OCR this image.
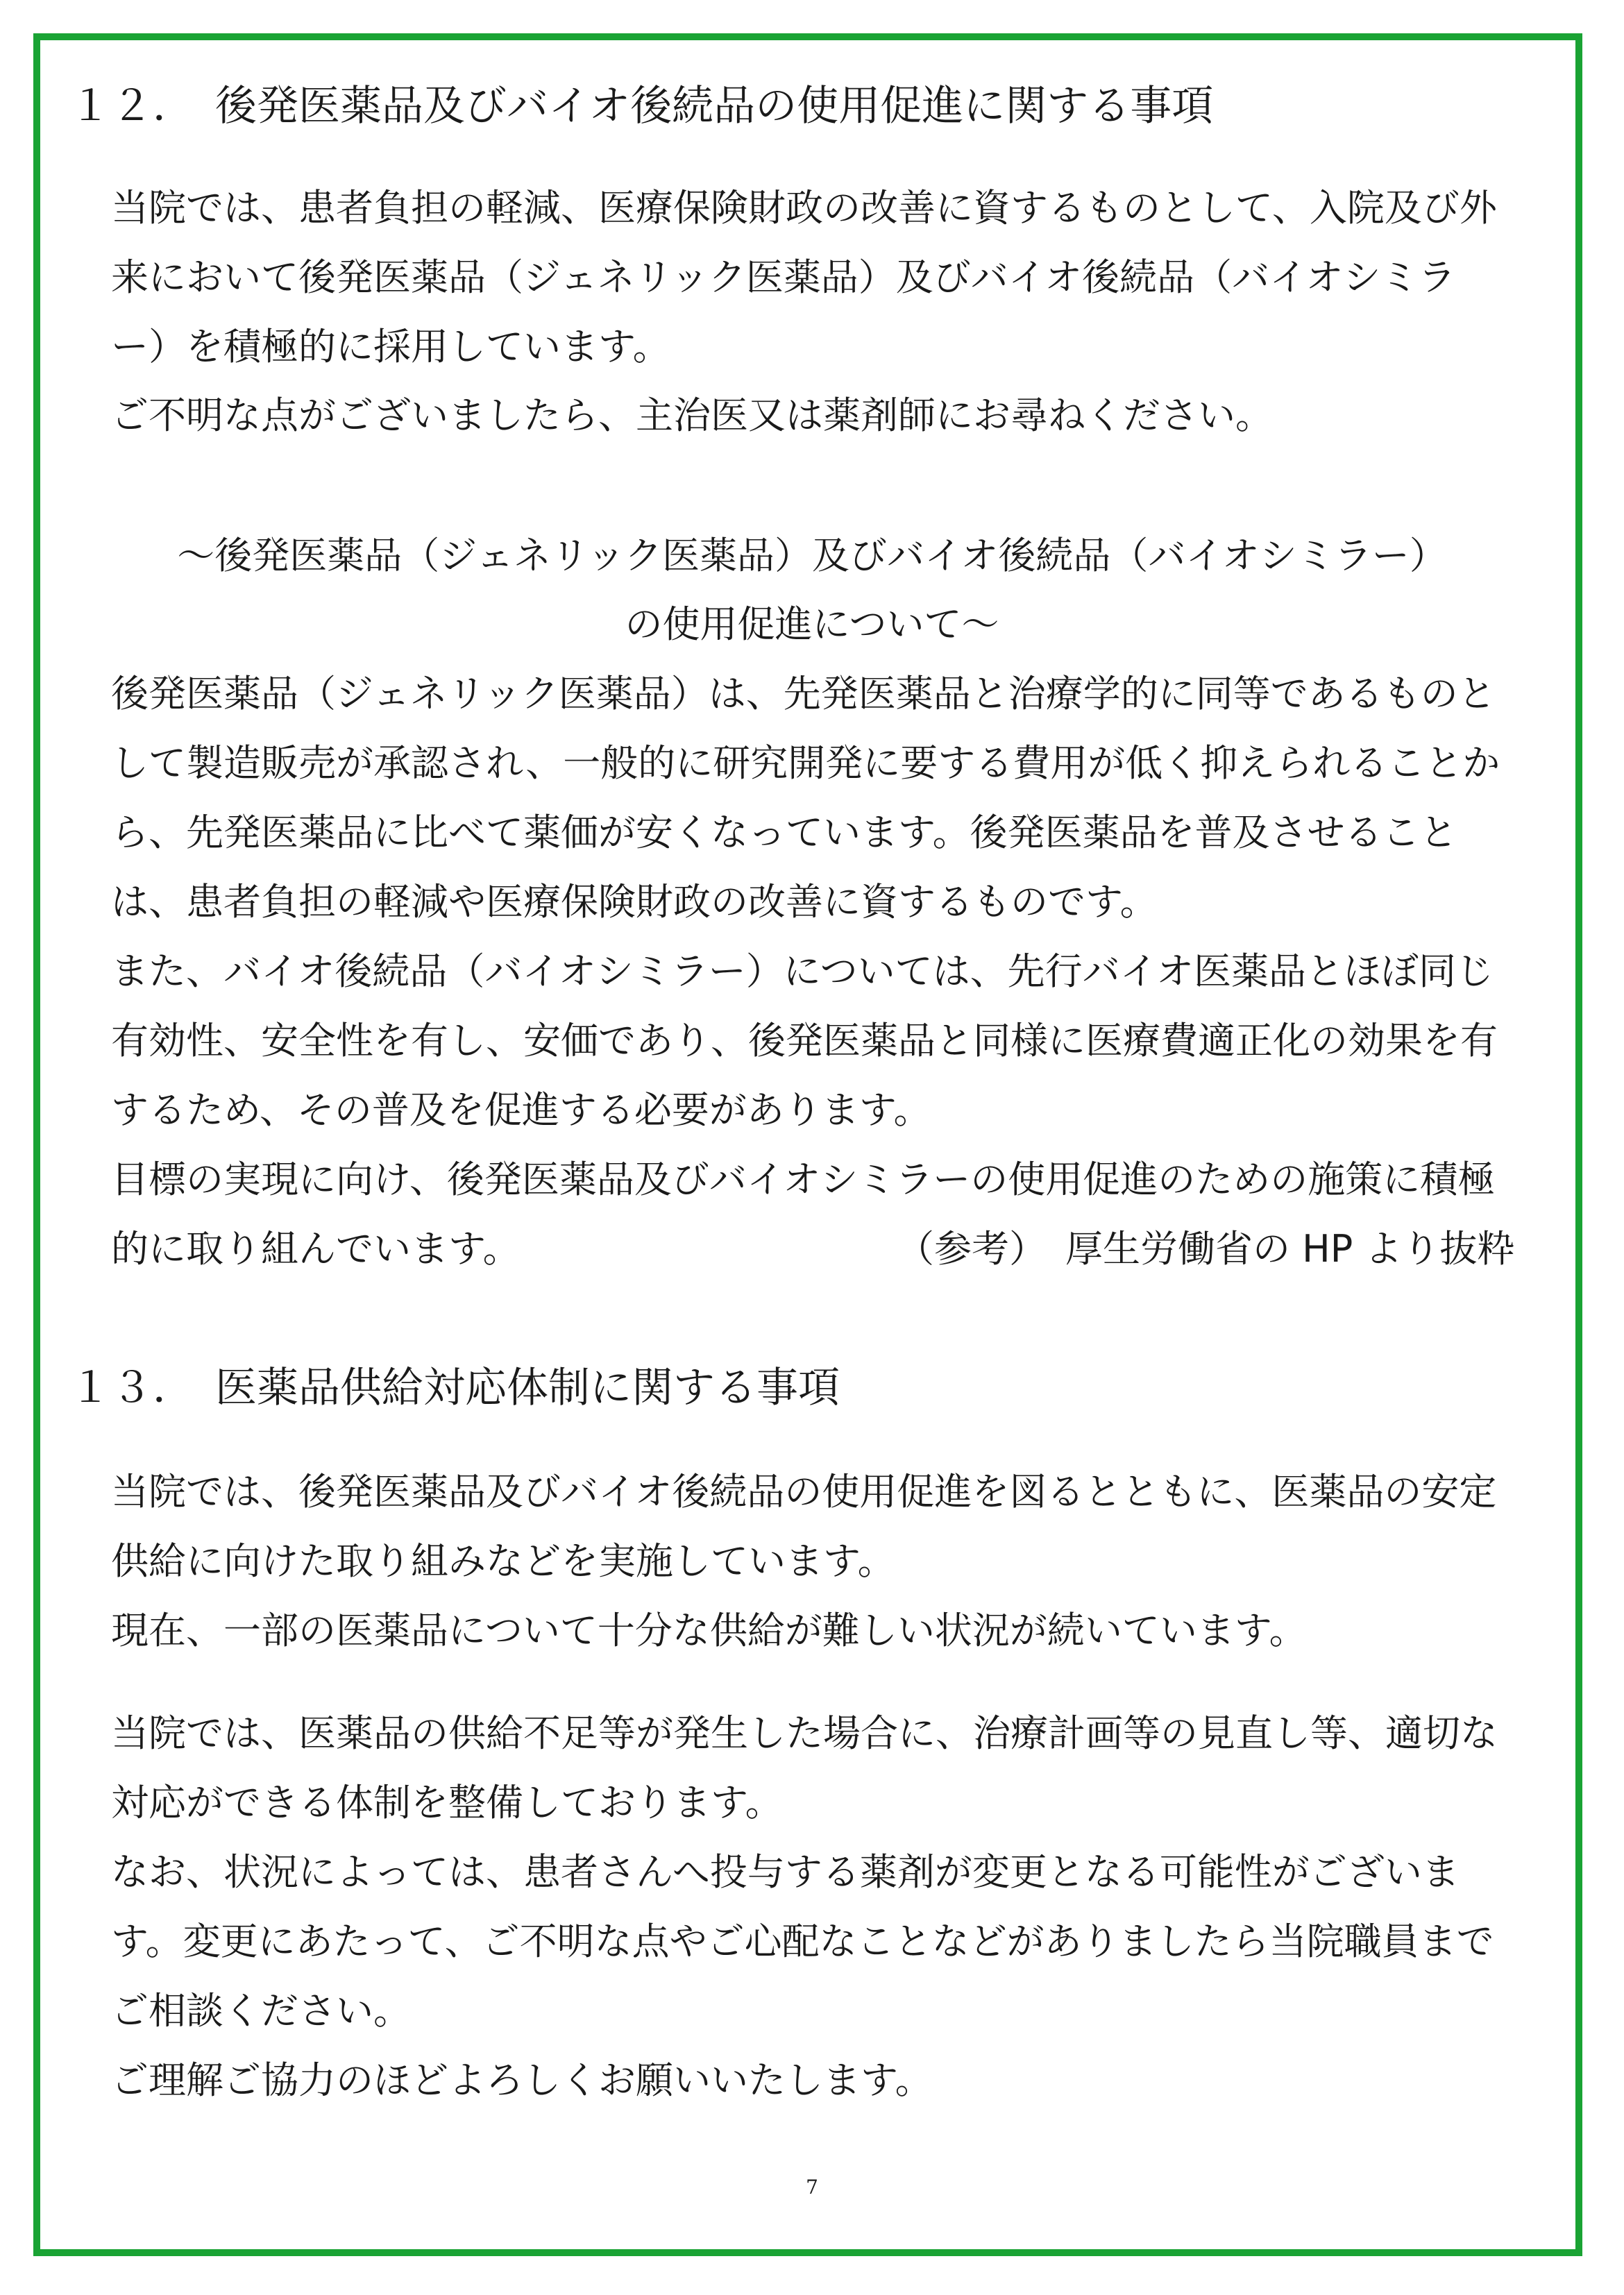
１２．　後発医薬品及びバイオ後続品の使用促進に関する事項
当院では、患者負担の軽減、医療保険財政の改善に資するものとして、入院及び外
来において後発医薬品（ジェネリック医薬品）及びバイオ後続品（バイオシミラ
ー）を積極的に採用しています。
ご不明な点がございましたら、主治医又は薬剤師にお尋ねください。
～後発医薬品（ジェネリック医薬品）及びバイオ後続品（バイオシミラー）
の使用促進について～
後発医薬品（ジェネリック医薬品）は、先発医薬品と治療学的に同等であるものと
して製造販売が承認され、一般的に研究開発に要する費用が低く抑えられることか
ら、先発医薬品に比べて薬価が安くなっています。後発医薬品を普及させること
は、患者負担の軽減や医療保険財政の改善に資するものです。
また、バイオ後続品（バイオシミラー）については、先行バイオ医薬品とほぼ同じ
有効性、安全性を有し、安価であり、後発医薬品と同様に医療費適正化の効果を有
するため、その普及を促進する必要があります。
目標の実現に向け、後発医薬品及びバイオシミラーの使用促進のための施策に積極
的に取り組んでいます。	（参考）　厚生労働省の HP より抜粋
１３．　医薬品供給対応体制に関する事項
当院では、後発医薬品及びバイオ後続品の使用促進を図るとともに、医薬品の安定
供給に向けた取り組みなどを実施しています。
現在、一部の医薬品について十分な供給が難しい状況が続いています。
当院では、医薬品の供給不足等が発生した場合に、治療計画等の見直し等、適切な
対応ができる体制を整備しております。
なお、状況によっては、患者さんへ投与する薬剤が変更となる可能性がございま
す。変更にあたって、ご不明な点やご心配なことなどがありましたら当院職員まで
ご相談ください。
ご理解ご協力のほどよろしくお願いいたします。
7
